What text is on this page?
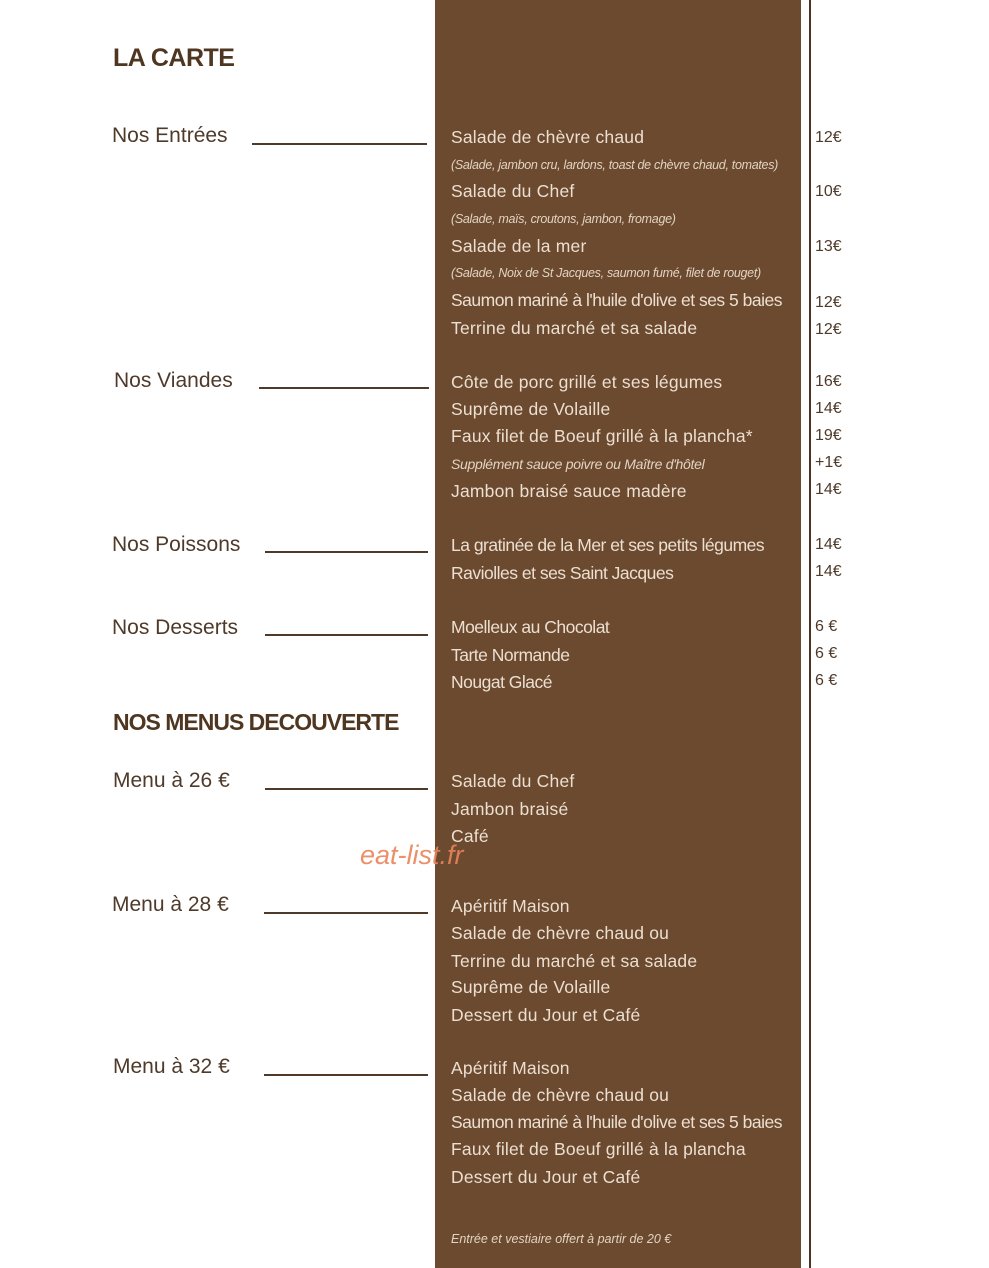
LA CARTE
Nos Entrées	Salade de chèvre chaud	12€
(Salade, jambon cru, lardons, toast de chèvre chaud, tomates)
Salade du Chef	10€
(Salade, maïs, croutons, jambon, fromage)
Salade de la mer	13€
(Salade, Noix de St Jacques, saumon fumé, filet de rouget)
Saumon mariné à l'huile d'olive et ses 5 baies 12€
Terrine du marché et sa salade	12€
Nos Viandes	Côte de porc grillé et ses légumes	16€
Suprême de Volaille	14€
Faux filet de Boeuf grillé à la plancha*	19€
Supplément sauce poivre ou Maître d'hôtel	+1€
Jambon braisé sauce madère	14€
Nos Poissons	La gratinée de la Mer et ses petits légumes	14€
Raviolles et ses Saint Jacques	14€
Nos Desserts	Moelleux au Chocolat	6 €
Tarte Normande	6 €
Nougat Glacé	6 €
NOS MENUS DECOUVERTE
Menu à 26 €	Salade du Chef
Jambon braisé
Café
eat-list.fr
Menu à 28 €	Apéritif Maison
Salade de chèvre chaud ou
Terrine du marché et sa salade
Suprême de Volaille
Dessert du Jour et Café
Menu à 32 €	Apéritif Maison
Salade de chèvre chaud ou
Saumon mariné à l'huile d'olive et ses 5 baies
Faux filet de Boeuf grillé à la plancha
Dessert du Jour et Café
Entrée et vestiaire offert à partir de 20 €
